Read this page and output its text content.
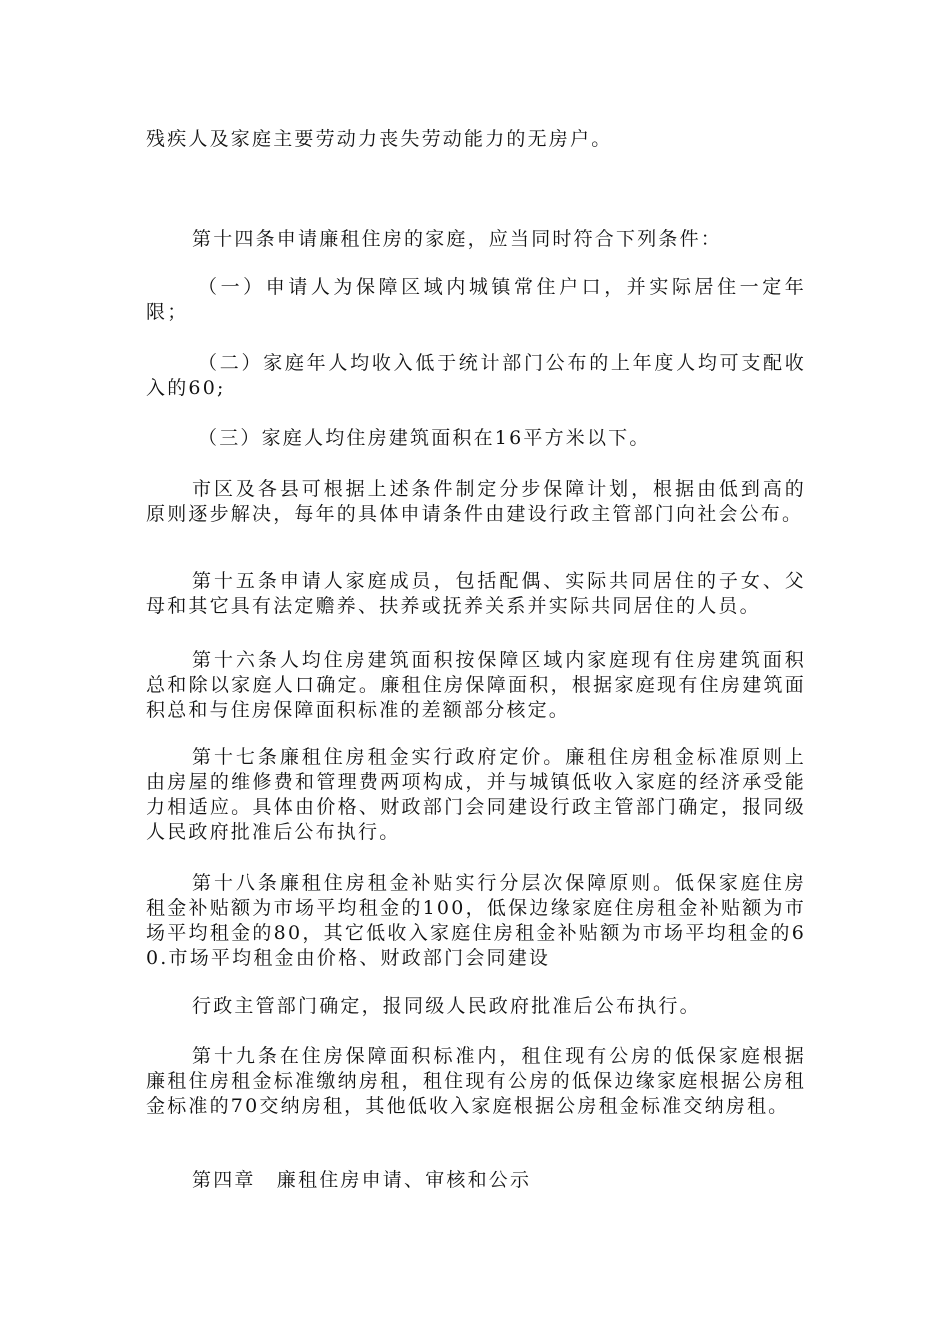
残疾人及家庭主要劳动力丧失劳动能力的无房户。

第十四条申请廉租住房的家庭，应当同时符合下列条件：

（一）申请人为保障区域内城镇常住户口，并实际居住一定年限；

（二）家庭年人均收入低于统计部门公布的上年度人均可支配收入的60;

（三）家庭人均住房建筑面积在16平方米以下。

市区及各县可根据上述条件制定分步保障计划，根据由低到高的原则逐步解决，每年的具体申请条件由建设行政主管部门向社会公布。

第十五条申请人家庭成员，包括配偶、实际共同居住的子女、父母和其它具有法定赡养、扶养或抚养关系并实际共同居住的人员。

第十六条人均住房建筑面积按保障区域内家庭现有住房建筑面积总和除以家庭人口确定。廉租住房保障面积，根据家庭现有住房建筑面积总和与住房保障面积标准的差额部分核定。

第十七条廉租住房租金实行政府定价。廉租住房租金标准原则上由房屋的维修费和管理费两项构成，并与城镇低收入家庭的经济承受能力相适应。具体由价格、财政部门会同建设行政主管部门确定，报同级人民政府批准后公布执行。

第十八条廉租住房租金补贴实行分层次保障原则。低保家庭住房租金补贴额为市场平均租金的100，低保边缘家庭住房租金补贴额为市场平均租金的80，其它低收入家庭住房租金补贴额为市场平均租金的60.市场平均租金由价格、财政部门会同建设

行政主管部门确定，报同级人民政府批准后公布执行。

第十九条在住房保障面积标准内，租住现有公房的低保家庭根据廉租住房租金标准缴纳房租，租住现有公房的低保边缘家庭根据公房租金标准的70交纳房租，其他低收入家庭根据公房租金标准交纳房租。

第四章　廉租住房申请、审核和公示
